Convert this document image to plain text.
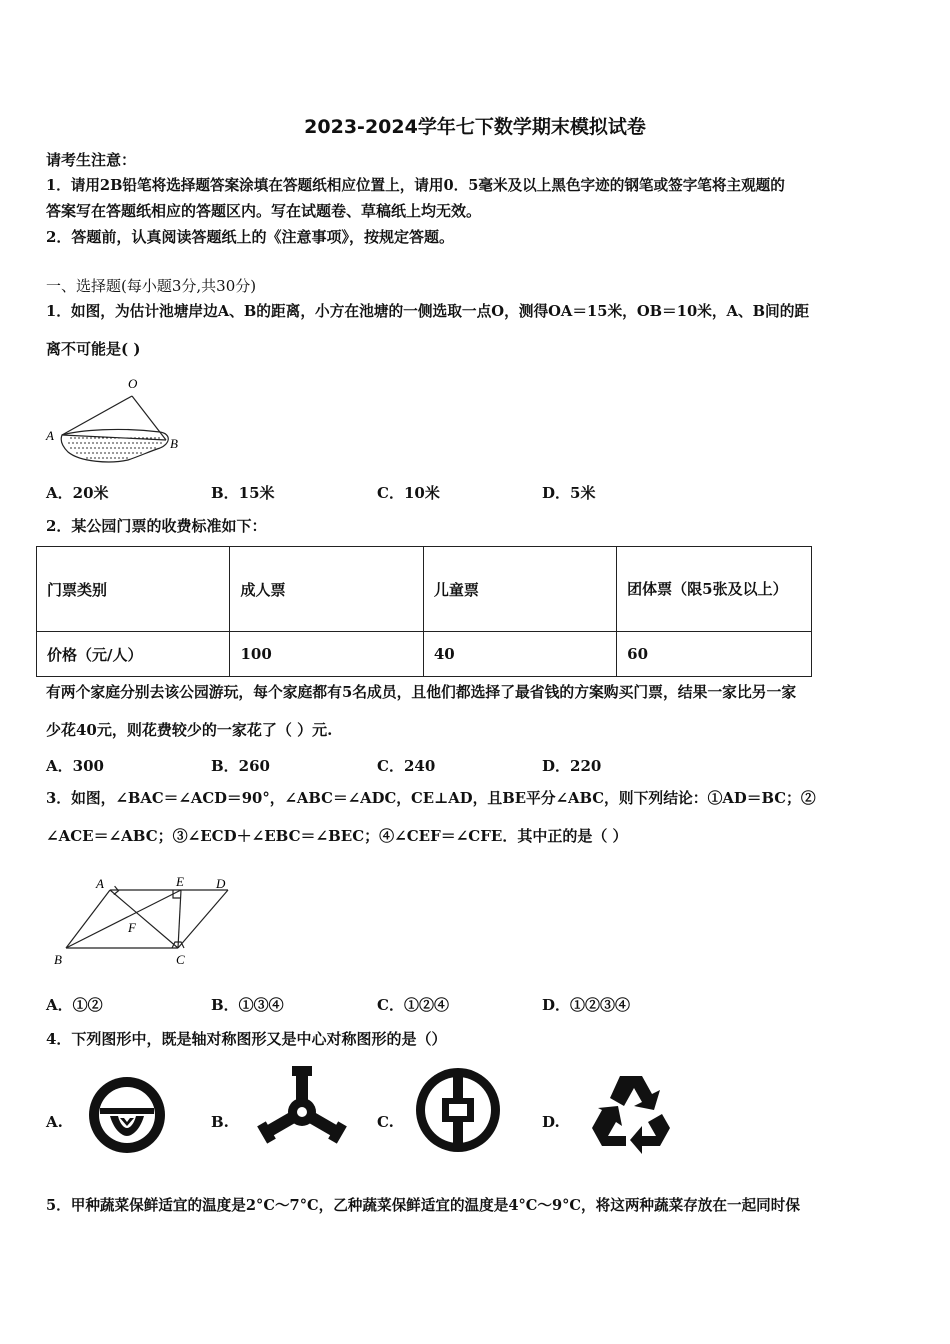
2023-2024学年七下数学期末模拟试卷
请考生注意：
1．请用2B铅笔将选择题答案涂填在答题纸相应位置上，请用0．5毫米及以上黑色字迹的钢笔或签字笔将主观题的
答案写在答题纸相应的答题区内。写在试题卷、草稿纸上均无效。
2．答题前，认真阅读答题纸上的《注意事项》，按规定答题。
一、选择题(每小题3分,共30分)
1．如图，为估计池塘岸边A、B的距离，小方在池塘的一侧选取一点O，测得OA＝15米，OB＝10米，A、B间的距
离不可能是( )
O
A
B
A．20米	B．15米	C．10米	D．5米
2．某公园门票的收费标准如下：
门票类别	成人票	儿童票	团体票（限5张及以上）

价格（元/人）	100	40	60
有两个家庭分别去该公园游玩，每个家庭都有5名成员，且他们都选择了最省钱的方案购买门票，结果一家比另一家
少花40元，则花费较少的一家花了（ ）元.
A．300	B．260	C．240	D．220
3．如图，∠BAC＝∠ACD＝90°，∠ABC＝∠ADC，CE⊥AD，且BE平分∠ABC，则下列结论：①AD＝BC；②
∠ACE＝∠ABC；③∠ECD＋∠EBC＝∠BEC；④∠CEF＝∠CFE．其中正的是（ ）
A	E D
F
B	C
A．①②	B．①③④	C．①②④	D．①②③④
4．下列图形中，既是轴对称图形又是中心对称图形的是（）
A.	B.	C.	D.
5．甲种蔬菜保鲜适宜的温度是2°C～7°C，乙种蔬菜保鲜适宜的温度是4°C～9°C，将这两种蔬菜存放在一起同时保
